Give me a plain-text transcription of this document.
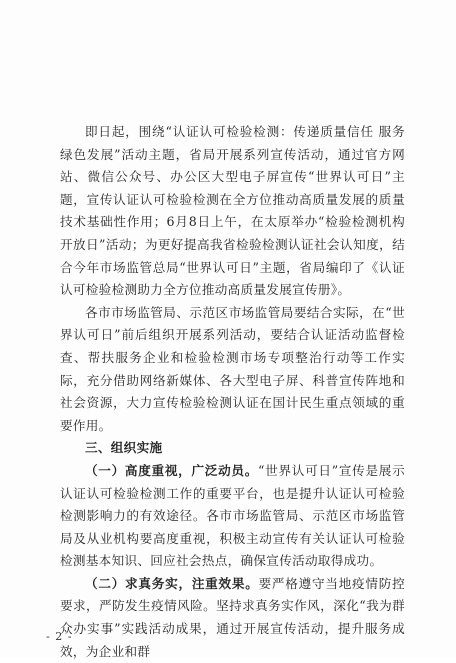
即日起，围绕“认证认可检验检测：传递质量信任 服务绿色发展”活动主题，省局开展系列宣传活动，通过官方网站、微信公众号、办公区大型电子屏宣传“世界认可日”主题，宣传认证认可检验检测在全方位推动高质量发展的质量技术基础性作用；6月8日上午，在太原举办“检验检测机构开放日”活动；为更好提高我省检验检测认证社会认知度，结合今年市场监管总局“世界认可日”主题，省局编印了《认证认可检验检测助力全方位推动高质量发展宣传册》。

各市市场监管局、示范区市场监管局要结合实际，在“世界认可日”前后组织开展系列活动，要结合认证活动监督检查、帮扶服务企业和检验检测市场专项整治行动等工作实际，充分借助网络新媒体、各大型电子屏、科普宣传阵地和社会资源，大力宣传检验检测认证在国计民生重点领域的重要作用。

三、组织实施

（一）高度重视，广泛动员。“世界认可日”宣传是展示认证认可检验检测工作的重要平台，也是提升认证认可检验检测影响力的有效途径。各市市场监管局、示范区市场监管局及从业机构要高度重视，积极主动宣传有关认证认可检验检测基本知识、回应社会热点，确保宣传活动取得成功。

（二）求真务实，注重效果。要严格遵守当地疫情防控要求，严防发生疫情风险。坚持求真务实作风，深化“我为群众办实事”实践活动成果，通过开展宣传活动，提升服务成效，为企业和群

- 2 -
